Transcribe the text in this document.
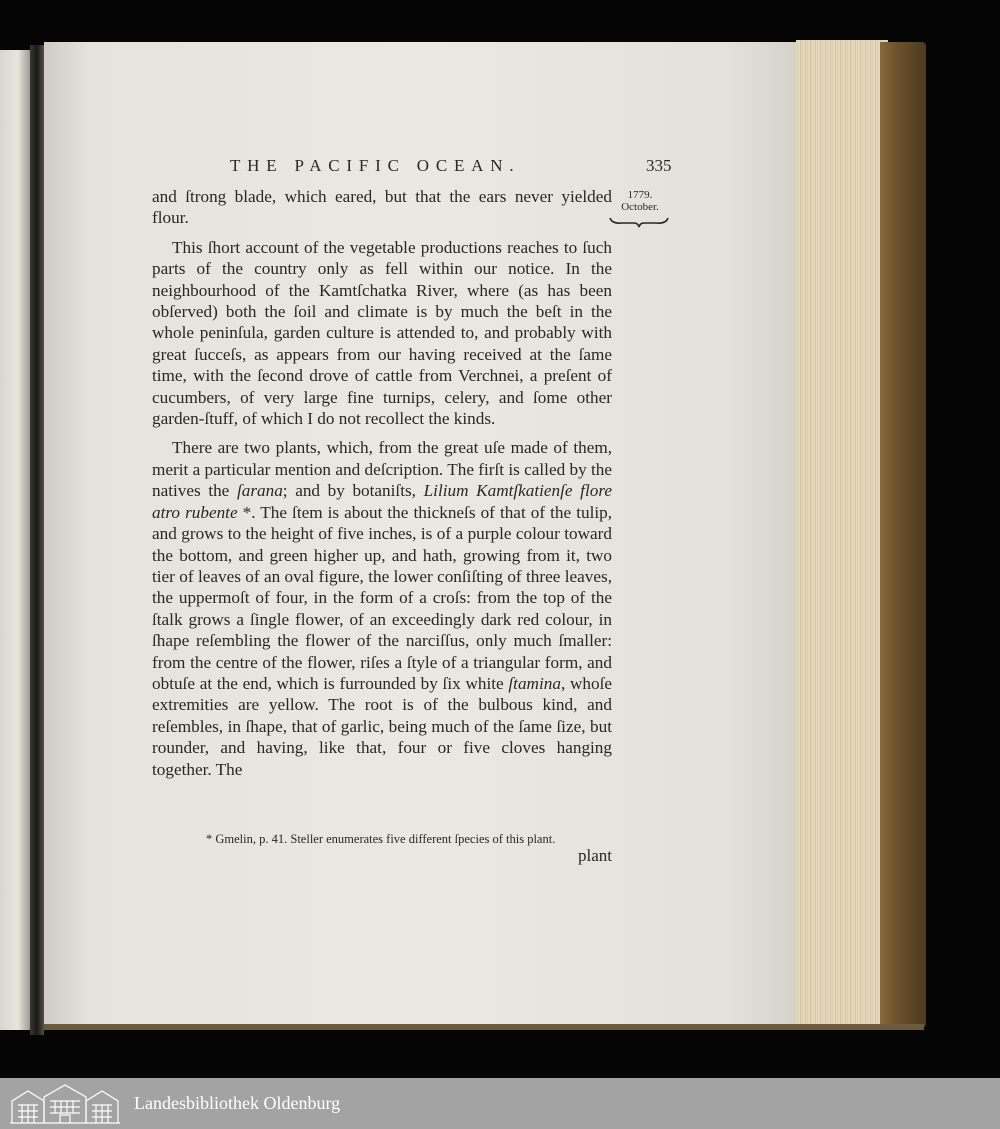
THE PACIFIC OCEAN.	335
1779.
October.

and ſtrong blade, which eared, but that the ears never yielded flour.

This ſhort account of the vegetable productions reaches to ſuch parts of the country only as fell within our notice. In the neighbourhood of the Kamtſchatka River, where (as has been obſerved) both the ſoil and climate is by much the beſt in the whole peninſula, garden culture is attended to, and probably with great ſucceſs, as appears from our having received at the ſame time, with the ſecond drove of cattle from Verchnei, a preſent of cucumbers, of very large fine turnips, celery, and ſome other garden-ſtuff, of which I do not recollect the kinds.

There are two plants, which, from the great uſe made of them, merit a particular mention and deſcription. The firſt is called by the natives the ſarana; and by botaniſts, Lilium Kamtſkatienſe flore atro rubente *. The ſtem is about the thickneſs of that of the tulip, and grows to the height of five inches, is of a purple colour toward the bottom, and green higher up, and hath, growing from it, two tier of leaves of an oval figure, the lower conſiſting of three leaves, the uppermoſt of four, in the form of a croſs: from the top of the ſtalk grows a ſingle flower, of an exceedingly dark red colour, in ſhape reſembling the flower of the narciſſus, only much ſmaller: from the centre of the flower, riſes a ſtyle of a triangular form, and obtuſe at the end, which is furrounded by ſix white ſtamina, whoſe extremities are yellow. The root is of the bulbous kind, and reſembles, in ſhape, that of garlic, being much of the ſame ſize, but rounder, and having, like that, four or five cloves hanging together. The

* Gmelin, p. 41. Steller enumerates five different ſpecies of this plant.
plant
Landesbibliothek Oldenburg
